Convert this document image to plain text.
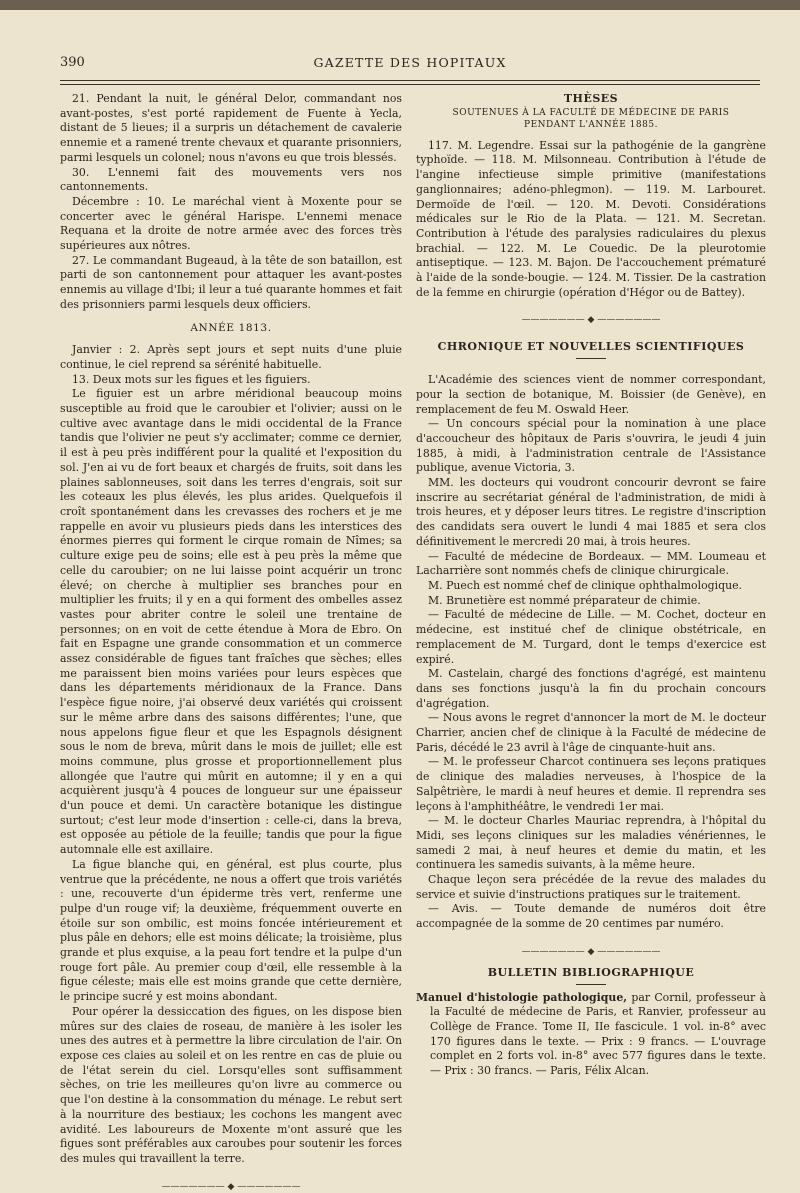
390	GAZETTE DES HOPITAUX

21. Pendant la nuit, le général Delor, commandant nos avant-postes, s'est porté rapidement de Fuente à Yecla, distant de 5 lieues; il a surpris un détachement de cavalerie ennemie et a ramené trente chevaux et quarante prisonniers, parmi lesquels un colonel; nous n'avons eu que trois blessés.

30. L'ennemi fait des mouvements vers nos cantonnements.

Décembre : 10. Le maréchal vient à Moxente pour se concerter avec le général Harispe. L'ennemi menace Requana et la droite de notre armée avec des forces très supérieures aux nôtres.

27. Le commandant Bugeaud, à la tête de son bataillon, est parti de son cantonnement pour attaquer les avant-postes ennemis au village d'Ibi; il leur a tué quarante hommes et fait des prisonniers parmi lesquels deux officiers.

ANNÉE 1813.

Janvier : 2. Après sept jours et sept nuits d'une pluie continue, le ciel reprend sa sérénité habituelle.

13. Deux mots sur les figues et les figuiers.

Le figuier est un arbre méridional beaucoup moins susceptible au froid que le caroubier et l'olivier; aussi on le cultive avec avantage dans le midi occidental de la France tandis que l'olivier ne peut s'y acclimater; comme ce dernier, il est à peu près indifférent pour la qualité et l'exposition du sol. J'en ai vu de fort beaux et chargés de fruits, soit dans les plaines sablonneuses, soit dans les terres d'engrais, soit sur les coteaux les plus élevés, les plus arides. Quelquefois il croît spontanément dans les crevasses des rochers et je me rappelle en avoir vu plusieurs pieds dans les interstices des énormes pierres qui forment le cirque romain de Nîmes; sa culture exige peu de soins; elle est à peu près la même que celle du caroubier; on ne lui laisse point acquérir un tronc élevé; on cherche à multiplier ses branches pour en multiplier les fruits; il y en a qui forment des ombelles assez vastes pour abriter contre le soleil une trentaine de personnes; on en voit de cette étendue à Mora de Ebro. On fait en Espagne une grande consommation et un commerce assez considérable de figues tant fraîches que sèches; elles me paraissent bien moins variées pour leurs espèces que dans les départements méridionaux de la France. Dans l'espèce figue noire, j'ai observé deux variétés qui croissent sur le même arbre dans des saisons différentes; l'une, que nous appelons figue fleur et que les Espagnols désignent sous le nom de breva, mûrit dans le mois de juillet; elle est moins commune, plus grosse et proportionnellement plus allongée que l'autre qui mûrit en automne; il y en a qui acquièrent jusqu'à 4 pouces de longueur sur une épaisseur d'un pouce et demi. Un caractère botanique les distingue surtout; c'est leur mode d'insertion : celle-ci, dans la breva, est opposée au pétiole de la feuille; tandis que pour la figue automnale elle est axillaire.

La figue blanche qui, en général, est plus courte, plus ventrue que la précédente, ne nous a offert que trois variétés : une, recouverte d'un épiderme très vert, renferme une pulpe d'un rouge vif; la deuxième, fréquemment ouverte en étoile sur son ombilic, est moins foncée intérieurement et plus pâle en dehors; elle est moins délicate; la troisième, plus grande et plus exquise, a la peau fort tendre et la pulpe d'un rouge fort pâle. Au premier coup d'œil, elle ressemble à la figue céleste; mais elle est moins grande que cette dernière, le principe sucré y est moins abondant.

Pour opérer la dessiccation des figues, on les dispose bien mûres sur des claies de roseau, de manière à les isoler les unes des autres et à permettre la libre circulation de l'air. On expose ces claies au soleil et on les rentre en cas de pluie ou de l'état serein du ciel. Lorsqu'elles sont suffisamment sèches, on trie les meilleures qu'on livre au commerce ou que l'on destine à la consommation du ménage. Le rebut sert à la nourriture des bestiaux; les cochons les mangent avec avidité. Les laboureurs de Moxente m'ont assuré que les figues sont préférables aux caroubes pour soutenir les forces des mules qui travaillent la terre.

——————— ◆ ———————

THÈSES

SOUTENUES À LA FACULTÉ DE MÉDECINE DE PARIS

PENDANT L'ANNÉE 1885.

117. M. Legendre. Essai sur la pathogénie de la gangrène typhoïde. — 118. M. Milsonneau. Contribution à l'étude de l'angine infectieuse simple primitive (manifestations ganglionnaires; adéno-phlegmon). — 119. M. Larbouret. Dermoïde de l'œil. — 120. M. Devoti. Considérations médicales sur le Rio de la Plata. — 121. M. Secretan. Contribution à l'étude des paralysies radiculaires du plexus brachial. — 122. M. Le Couedic. De la pleurotomie antiseptique. — 123. M. Bajon. De l'accouchement prématuré à l'aide de la sonde-bougie. — 124. M. Tissier. De la castration de la femme en chirurgie (opération d'Hégor ou de Battey).

——————— ◆ ———————

CHRONIQUE ET NOUVELLES SCIENTIFIQUES

L'Académie des sciences vient de nommer correspondant, pour la section de botanique, M. Boissier (de Genève), en remplacement de feu M. Oswald Heer.

— Un concours spécial pour la nomination à une place d'accoucheur des hôpitaux de Paris s'ouvrira, le jeudi 4 juin 1885, à midi, à l'administration centrale de l'Assistance publique, avenue Victoria, 3.

MM. les docteurs qui voudront concourir devront se faire inscrire au secrétariat général de l'administration, de midi à trois heures, et y déposer leurs titres. Le registre d'inscription des candidats sera ouvert le lundi 4 mai 1885 et sera clos définitivement le mercredi 20 mai, à trois heures.

— Faculté de médecine de Bordeaux. — MM. Loumeau et Lacharrière sont nommés chefs de clinique chirurgicale.

M. Puech est nommé chef de clinique ophthalmologique.

M. Brunetière est nommé préparateur de chimie.

— Faculté de médecine de Lille. — M. Cochet, docteur en médecine, est institué chef de clinique obstétricale, en remplacement de M. Turgard, dont le temps d'exercice est expiré.

M. Castelain, chargé des fonctions d'agrégé, est maintenu dans ses fonctions jusqu'à la fin du prochain concours d'agrégation.

— Nous avons le regret d'annoncer la mort de M. le docteur Charrier, ancien chef de clinique à la Faculté de médecine de Paris, décédé le 23 avril à l'âge de cinquante-huit ans.

— M. le professeur Charcot continuera ses leçons pratiques de clinique des maladies nerveuses, à l'hospice de la Salpêtrière, le mardi à neuf heures et demie. Il reprendra ses leçons à l'amphithéâtre, le vendredi 1er mai.

— M. le docteur Charles Mauriac reprendra, à l'hôpital du Midi, ses leçons cliniques sur les maladies vénériennes, le samedi 2 mai, à neuf heures et demie du matin, et les continuera les samedis suivants, à la même heure.

Chaque leçon sera précédée de la revue des malades du service et suivie d'instructions pratiques sur le traitement.

— Avis. — Toute demande de numéros doit être accompagnée de la somme de 20 centimes par numéro.

——————— ◆ ———————

BULLETIN BIBLIOGRAPHIQUE

Manuel d'histologie pathologique, par Cornil, professeur à la Faculté de médecine de Paris, et Ranvier, professeur au Collège de France. Tome II, IIe fascicule. 1 vol. in-8° avec 170 figures dans le texte. — Prix : 9 francs. — L'ouvrage complet en 2 forts vol. in-8° avec 577 figures dans le texte. — Prix : 30 francs. — Paris, Félix Alcan.
